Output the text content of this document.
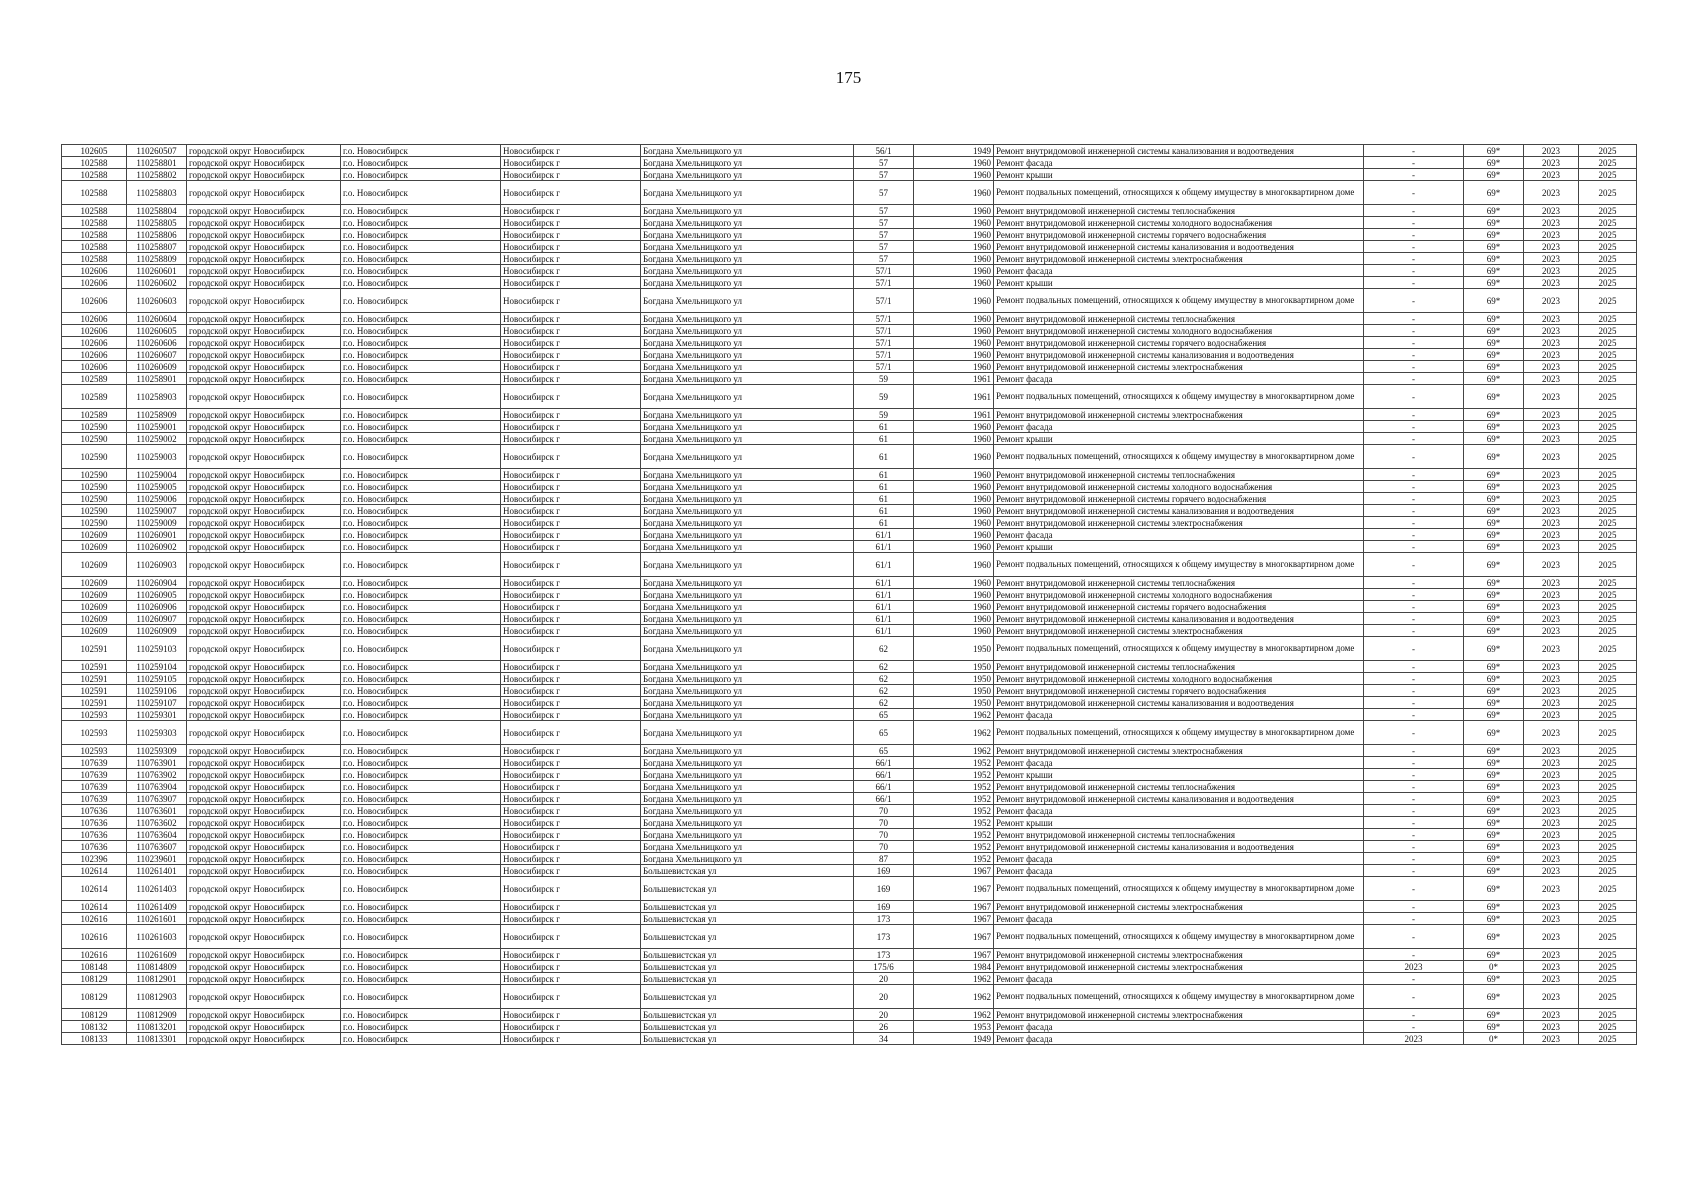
175
102605	110260507	городской округ Новосибирск	г.о. Новосибирск	Новосибирск г	Богдана Хмельницкого ул	56/1	1949	Ремонт внутридомовой инженерной системы канализования и водоотведения	-	69*	2023	2025
102588	110258801	городской округ Новосибирск	г.о. Новосибирск	Новосибирск г	Богдана Хмельницкого ул	57	1960	Ремонт фасада	-	69*	2023	2025
102588	110258802	городской округ Новосибирск	г.о. Новосибирск	Новосибирск г	Богдана Хмельницкого ул	57	1960	Ремонт крыши	-	69*	2023	2025
102588	110258803	городской округ Новосибирск	г.о. Новосибирск	Новосибирск г	Богдана Хмельницкого ул	57	1960	Ремонт подвальных помещений, относящихся к общему имуществу в многоквартирном доме	-	69*	2023	2025
102588	110258804	городской округ Новосибирск	г.о. Новосибирск	Новосибирск г	Богдана Хмельницкого ул	57	1960	Ремонт внутридомовой инженерной системы теплоснабжения	-	69*	2023	2025
102588	110258805	городской округ Новосибирск	г.о. Новосибирск	Новосибирск г	Богдана Хмельницкого ул	57	1960	Ремонт внутридомовой инженерной системы холодного водоснабжения	-	69*	2023	2025
102588	110258806	городской округ Новосибирск	г.о. Новосибирск	Новосибирск г	Богдана Хмельницкого ул	57	1960	Ремонт внутридомовой инженерной системы горячего водоснабжения	-	69*	2023	2025
102588	110258807	городской округ Новосибирск	г.о. Новосибирск	Новосибирск г	Богдана Хмельницкого ул	57	1960	Ремонт внутридомовой инженерной системы канализования и водоотведения	-	69*	2023	2025
102588	110258809	городской округ Новосибирск	г.о. Новосибирск	Новосибирск г	Богдана Хмельницкого ул	57	1960	Ремонт внутридомовой инженерной системы электроснабжения	-	69*	2023	2025
102606	110260601	городской округ Новосибирск	г.о. Новосибирск	Новосибирск г	Богдана Хмельницкого ул	57/1	1960	Ремонт фасада	-	69*	2023	2025
102606	110260602	городской округ Новосибирск	г.о. Новосибирск	Новосибирск г	Богдана Хмельницкого ул	57/1	1960	Ремонт крыши	-	69*	2023	2025
102606	110260603	городской округ Новосибирск	г.о. Новосибирск	Новосибирск г	Богдана Хмельницкого ул	57/1	1960	Ремонт подвальных помещений, относящихся к общему имуществу в многоквартирном доме	-	69*	2023	2025
102606	110260604	городской округ Новосибирск	г.о. Новосибирск	Новосибирск г	Богдана Хмельницкого ул	57/1	1960	Ремонт внутридомовой инженерной системы теплоснабжения	-	69*	2023	2025
102606	110260605	городской округ Новосибирск	г.о. Новосибирск	Новосибирск г	Богдана Хмельницкого ул	57/1	1960	Ремонт внутридомовой инженерной системы холодного водоснабжения	-	69*	2023	2025
102606	110260606	городской округ Новосибирск	г.о. Новосибирск	Новосибирск г	Богдана Хмельницкого ул	57/1	1960	Ремонт внутридомовой инженерной системы горячего водоснабжения	-	69*	2023	2025
102606	110260607	городской округ Новосибирск	г.о. Новосибирск	Новосибирск г	Богдана Хмельницкого ул	57/1	1960	Ремонт внутридомовой инженерной системы канализования и водоотведения	-	69*	2023	2025
102606	110260609	городской округ Новосибирск	г.о. Новосибирск	Новосибирск г	Богдана Хмельницкого ул	57/1	1960	Ремонт внутридомовой инженерной системы электроснабжения	-	69*	2023	2025
102589	110258901	городской округ Новосибирск	г.о. Новосибирск	Новосибирск г	Богдана Хмельницкого ул	59	1961	Ремонт фасада	-	69*	2023	2025
102589	110258903	городской округ Новосибирск	г.о. Новосибирск	Новосибирск г	Богдана Хмельницкого ул	59	1961	Ремонт подвальных помещений, относящихся к общему имуществу в многоквартирном доме	-	69*	2023	2025
102589	110258909	городской округ Новосибирск	г.о. Новосибирск	Новосибирск г	Богдана Хмельницкого ул	59	1961	Ремонт внутридомовой инженерной системы электроснабжения	-	69*	2023	2025
102590	110259001	городской округ Новосибирск	г.о. Новосибирск	Новосибирск г	Богдана Хмельницкого ул	61	1960	Ремонт фасада	-	69*	2023	2025
102590	110259002	городской округ Новосибирск	г.о. Новосибирск	Новосибирск г	Богдана Хмельницкого ул	61	1960	Ремонт крыши	-	69*	2023	2025
102590	110259003	городской округ Новосибирск	г.о. Новосибирск	Новосибирск г	Богдана Хмельницкого ул	61	1960	Ремонт подвальных помещений, относящихся к общему имуществу в многоквартирном доме	-	69*	2023	2025
102590	110259004	городской округ Новосибирск	г.о. Новосибирск	Новосибирск г	Богдана Хмельницкого ул	61	1960	Ремонт внутридомовой инженерной системы теплоснабжения	-	69*	2023	2025
102590	110259005	городской округ Новосибирск	г.о. Новосибирск	Новосибирск г	Богдана Хмельницкого ул	61	1960	Ремонт внутридомовой инженерной системы холодного водоснабжения	-	69*	2023	2025
102590	110259006	городской округ Новосибирск	г.о. Новосибирск	Новосибирск г	Богдана Хмельницкого ул	61	1960	Ремонт внутридомовой инженерной системы горячего водоснабжения	-	69*	2023	2025
102590	110259007	городской округ Новосибирск	г.о. Новосибирск	Новосибирск г	Богдана Хмельницкого ул	61	1960	Ремонт внутридомовой инженерной системы канализования и водоотведения	-	69*	2023	2025
102590	110259009	городской округ Новосибирск	г.о. Новосибирск	Новосибирск г	Богдана Хмельницкого ул	61	1960	Ремонт внутридомовой инженерной системы электроснабжения	-	69*	2023	2025
102609	110260901	городской округ Новосибирск	г.о. Новосибирск	Новосибирск г	Богдана Хмельницкого ул	61/1	1960	Ремонт фасада	-	69*	2023	2025
102609	110260902	городской округ Новосибирск	г.о. Новосибирск	Новосибирск г	Богдана Хмельницкого ул	61/1	1960	Ремонт крыши	-	69*	2023	2025
102609	110260903	городской округ Новосибирск	г.о. Новосибирск	Новосибирск г	Богдана Хмельницкого ул	61/1	1960	Ремонт подвальных помещений, относящихся к общему имуществу в многоквартирном доме	-	69*	2023	2025
102609	110260904	городской округ Новосибирск	г.о. Новосибирск	Новосибирск г	Богдана Хмельницкого ул	61/1	1960	Ремонт внутридомовой инженерной системы теплоснабжения	-	69*	2023	2025
102609	110260905	городской округ Новосибирск	г.о. Новосибирск	Новосибирск г	Богдана Хмельницкого ул	61/1	1960	Ремонт внутридомовой инженерной системы холодного водоснабжения	-	69*	2023	2025
102609	110260906	городской округ Новосибирск	г.о. Новосибирск	Новосибирск г	Богдана Хмельницкого ул	61/1	1960	Ремонт внутридомовой инженерной системы горячего водоснабжения	-	69*	2023	2025
102609	110260907	городской округ Новосибирск	г.о. Новосибирск	Новосибирск г	Богдана Хмельницкого ул	61/1	1960	Ремонт внутридомовой инженерной системы канализования и водоотведения	-	69*	2023	2025
102609	110260909	городской округ Новосибирск	г.о. Новосибирск	Новосибирск г	Богдана Хмельницкого ул	61/1	1960	Ремонт внутридомовой инженерной системы электроснабжения	-	69*	2023	2025
102591	110259103	городской округ Новосибирск	г.о. Новосибирск	Новосибирск г	Богдана Хмельницкого ул	62	1950	Ремонт подвальных помещений, относящихся к общему имуществу в многоквартирном доме	-	69*	2023	2025
102591	110259104	городской округ Новосибирск	г.о. Новосибирск	Новосибирск г	Богдана Хмельницкого ул	62	1950	Ремонт внутридомовой инженерной системы теплоснабжения	-	69*	2023	2025
102591	110259105	городской округ Новосибирск	г.о. Новосибирск	Новосибирск г	Богдана Хмельницкого ул	62	1950	Ремонт внутридомовой инженерной системы холодного водоснабжения	-	69*	2023	2025
102591	110259106	городской округ Новосибирск	г.о. Новосибирск	Новосибирск г	Богдана Хмельницкого ул	62	1950	Ремонт внутридомовой инженерной системы горячего водоснабжения	-	69*	2023	2025
102591	110259107	городской округ Новосибирск	г.о. Новосибирск	Новосибирск г	Богдана Хмельницкого ул	62	1950	Ремонт внутридомовой инженерной системы канализования и водоотведения	-	69*	2023	2025
102593	110259301	городской округ Новосибирск	г.о. Новосибирск	Новосибирск г	Богдана Хмельницкого ул	65	1962	Ремонт фасада	-	69*	2023	2025
102593	110259303	городской округ Новосибирск	г.о. Новосибирск	Новосибирск г	Богдана Хмельницкого ул	65	1962	Ремонт подвальных помещений, относящихся к общему имуществу в многоквартирном доме	-	69*	2023	2025
102593	110259309	городской округ Новосибирск	г.о. Новосибирск	Новосибирск г	Богдана Хмельницкого ул	65	1962	Ремонт внутридомовой инженерной системы электроснабжения	-	69*	2023	2025
107639	110763901	городской округ Новосибирск	г.о. Новосибирск	Новосибирск г	Богдана Хмельницкого ул	66/1	1952	Ремонт фасада	-	69*	2023	2025
107639	110763902	городской округ Новосибирск	г.о. Новосибирск	Новосибирск г	Богдана Хмельницкого ул	66/1	1952	Ремонт крыши	-	69*	2023	2025
107639	110763904	городской округ Новосибирск	г.о. Новосибирск	Новосибирск г	Богдана Хмельницкого ул	66/1	1952	Ремонт внутридомовой инженерной системы теплоснабжения	-	69*	2023	2025
107639	110763907	городской округ Новосибирск	г.о. Новосибирск	Новосибирск г	Богдана Хмельницкого ул	66/1	1952	Ремонт внутридомовой инженерной системы канализования и водоотведения	-	69*	2023	2025
107636	110763601	городской округ Новосибирск	г.о. Новосибирск	Новосибирск г	Богдана Хмельницкого ул	70	1952	Ремонт фасада	-	69*	2023	2025
107636	110763602	городской округ Новосибирск	г.о. Новосибирск	Новосибирск г	Богдана Хмельницкого ул	70	1952	Ремонт крыши	-	69*	2023	2025
107636	110763604	городской округ Новосибирск	г.о. Новосибирск	Новосибирск г	Богдана Хмельницкого ул	70	1952	Ремонт внутридомовой инженерной системы теплоснабжения	-	69*	2023	2025
107636	110763607	городской округ Новосибирск	г.о. Новосибирск	Новосибирск г	Богдана Хмельницкого ул	70	1952	Ремонт внутридомовой инженерной системы канализования и водоотведения	-	69*	2023	2025
102396	110239601	городской округ Новосибирск	г.о. Новосибирск	Новосибирск г	Богдана Хмельницкого ул	87	1952	Ремонт фасада	-	69*	2023	2025
102614	110261401	городской округ Новосибирск	г.о. Новосибирск	Новосибирск г	Большевистская ул	169	1967	Ремонт фасада	-	69*	2023	2025
102614	110261403	городской округ Новосибирск	г.о. Новосибирск	Новосибирск г	Большевистская ул	169	1967	Ремонт подвальных помещений, относящихся к общему имуществу в многоквартирном доме	-	69*	2023	2025
102614	110261409	городской округ Новосибирск	г.о. Новосибирск	Новосибирск г	Большевистская ул	169	1967	Ремонт внутридомовой инженерной системы электроснабжения	-	69*	2023	2025
102616	110261601	городской округ Новосибирск	г.о. Новосибирск	Новосибирск г	Большевистская ул	173	1967	Ремонт фасада	-	69*	2023	2025
102616	110261603	городской округ Новосибирск	г.о. Новосибирск	Новосибирск г	Большевистская ул	173	1967	Ремонт подвальных помещений, относящихся к общему имуществу в многоквартирном доме	-	69*	2023	2025
102616	110261609	городской округ Новосибирск	г.о. Новосибирск	Новосибирск г	Большевистская ул	173	1967	Ремонт внутридомовой инженерной системы электроснабжения	-	69*	2023	2025
108148	110814809	городской округ Новосибирск	г.о. Новосибирск	Новосибирск г	Большевистская ул	175/6	1984	Ремонт внутридомовой инженерной системы электроснабжения	2023	0*	2023	2025
108129	110812901	городской округ Новосибирск	г.о. Новосибирск	Новосибирск г	Большевистская ул	20	1962	Ремонт фасада	-	69*	2023	2025
108129	110812903	городской округ Новосибирск	г.о. Новосибирск	Новосибирск г	Большевистская ул	20	1962	Ремонт подвальных помещений, относящихся к общему имуществу в многоквартирном доме	-	69*	2023	2025
108129	110812909	городской округ Новосибирск	г.о. Новосибирск	Новосибирск г	Большевистская ул	20	1962	Ремонт внутридомовой инженерной системы электроснабжения	-	69*	2023	2025
108132	110813201	городской округ Новосибирск	г.о. Новосибирск	Новосибирск г	Большевистская ул	26	1953	Ремонт фасада	-	69*	2023	2025
108133	110813301	городской округ Новосибирск	г.о. Новосибирск	Новосибирск г	Большевистская ул	34	1949	Ремонт фасада	2023	0*	2023	2025
